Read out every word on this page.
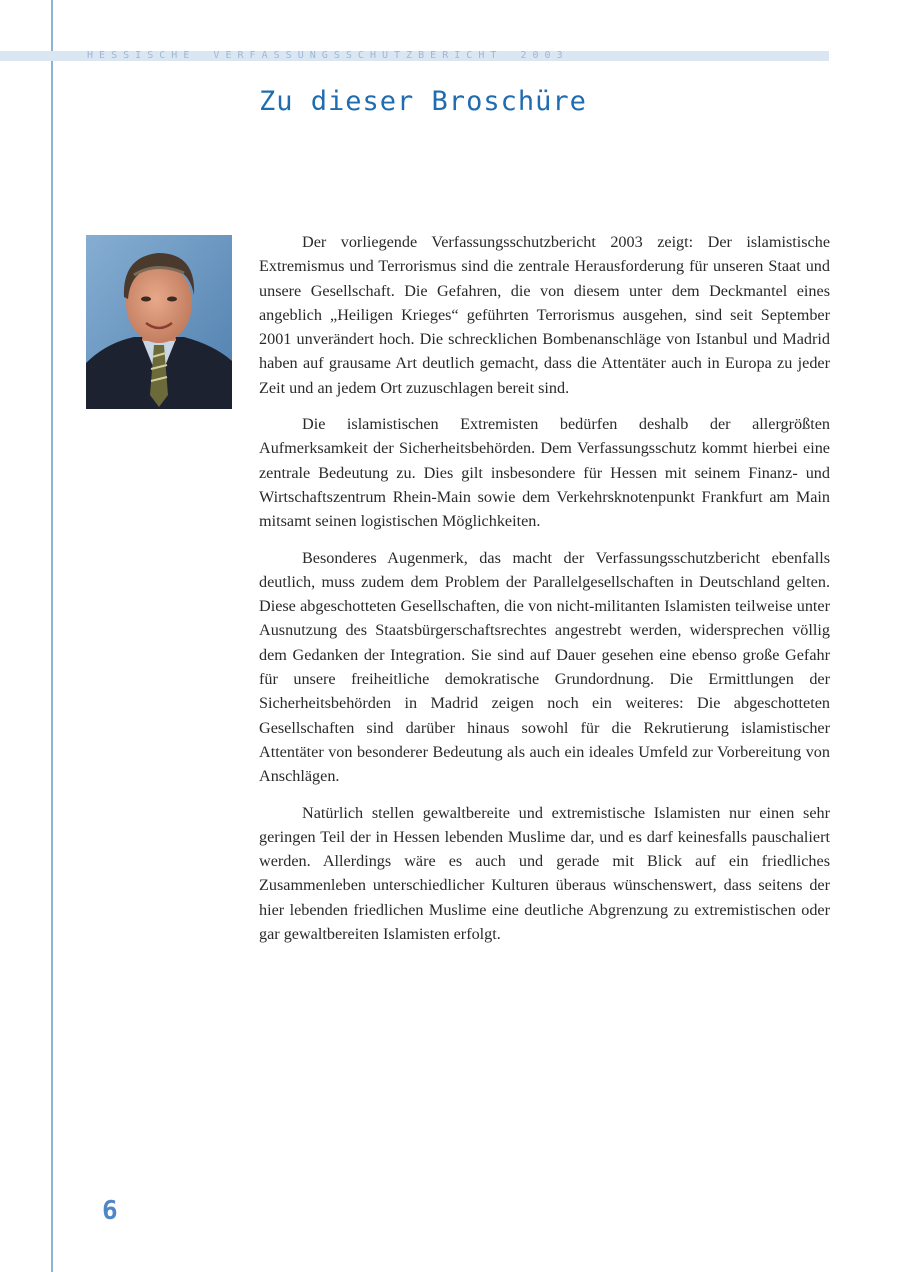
H E S S I S C H E    V E R F A S S U N G S S C H U T Z B E R I C H T    2 0 0 3
Zu dieser Broschüre

Der vorliegende Verfassungsschutzbericht 2003 zeigt: Der islamistische Extremismus und Terrorismus sind die zentrale Herausforderung für unseren Staat und unsere Gesellschaft. Die Gefahren, die von diesem unter dem Deckmantel eines angeblich „Heiligen Krieges“ geführten Terrorismus ausgehen, sind seit September 2001 unverändert hoch. Die schrecklichen Bombenanschläge von Istanbul und Madrid haben auf grausame Art deutlich gemacht, dass die Attentäter auch in Europa zu jeder Zeit und an jedem Ort zuzuschlagen bereit sind.

Die islamistischen Extremisten bedürfen deshalb der allergrößten Aufmerksamkeit der Sicherheitsbehörden. Dem Verfassungsschutz kommt hierbei eine zentrale Bedeutung zu. Dies gilt insbesondere für Hessen mit seinem Finanz- und Wirtschaftszentrum Rhein-Main sowie dem Verkehrsknotenpunkt Frankfurt am Main mitsamt seinen logistischen Möglichkeiten.

Besonderes Augenmerk, das macht der Verfassungsschutzbericht ebenfalls deutlich, muss zudem dem Problem der Parallelgesellschaften in Deutschland gelten. Diese abgeschotteten Gesellschaften, die von nicht-militanten Islamisten teilweise unter Ausnutzung des Staatsbürgerschaftsrechtes angestrebt werden, widersprechen völlig dem Gedanken der Integration. Sie sind auf Dauer gesehen eine ebenso große Gefahr für unsere freiheitliche demokratische Grundordnung. Die Ermittlungen der Sicherheitsbehörden in Madrid zeigen noch ein weiteres: Die abgeschotteten Gesellschaften sind darüber hinaus sowohl für die Rekrutierung islamistischer Attentäter von besonderer Bedeutung als auch ein ideales Umfeld zur Vorbereitung von Anschlägen.

Natürlich stellen gewaltbereite und extremistische Islamisten nur einen sehr geringen Teil der in Hessen lebenden Muslime dar, und es darf keinesfalls pauschaliert werden. Allerdings wäre es auch und gerade mit Blick auf ein friedliches Zusammenleben unterschiedlicher Kulturen überaus wünschenswert, dass seitens der hier lebenden friedlichen Muslime eine deutliche Abgrenzung zu extremistischen oder gar gewaltbereiten Islamisten erfolgt.

6
